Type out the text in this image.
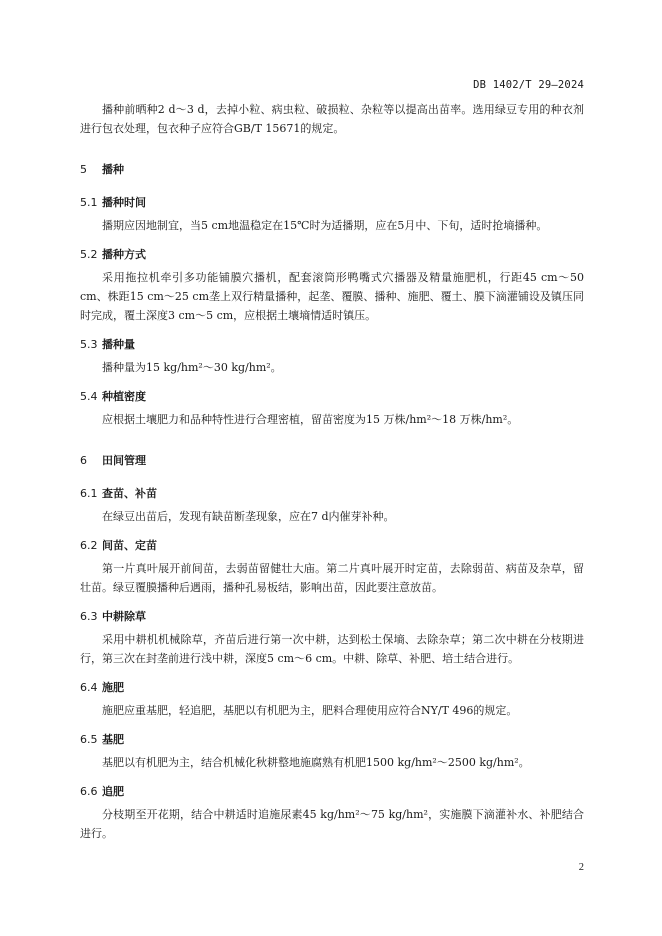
DB 1402/T 29—2024

播种前晒种2 d～3 d，去掉小粒、病虫粒、破损粒、杂粒等以提高出苗率。选用绿豆专用的种衣剂进行包衣处理，包衣种子应符合GB/T 15671的规定。

5 播种
5.1 播种时间

播期应因地制宜，当5 cm地温稳定在15℃时为适播期，应在5月中、下旬，适时抢墒播种。

5.2 播种方式

采用拖拉机牵引多功能铺膜穴播机，配套滚筒形鸭嘴式穴播器及精量施肥机，行距45 cm～50 cm、株距15 cm～25 cm垄上双行精量播种，起垄、覆膜、播种、施肥、覆土、膜下滴灌铺设及镇压同时完成，覆土深度3 cm～5 cm，应根据土壤墒情适时镇压。

5.3 播种量

播种量为15 kg/hm²～30 kg/hm²。

5.4 种植密度

应根据土壤肥力和品种特性进行合理密植，留苗密度为15 万株/hm²～18 万株/hm²。

6 田间管理
6.1 查苗、补苗

在绿豆出苗后，发现有缺苗断垄现象，应在7 d内催芽补种。

6.2 间苗、定苗

第一片真叶展开前间苗，去弱苗留健壮大庙。第二片真叶展开时定苗，去除弱苗、病苗及杂草，留壮苗。绿豆覆膜播种后遇雨，播种孔易板结，影响出苗，因此要注意放苗。

6.3 中耕除草

采用中耕机机械除草，齐苗后进行第一次中耕，达到松土保墒、去除杂草；第二次中耕在分枝期进行，第三次在封垄前进行浅中耕，深度5 cm～6 cm。中耕、除草、补肥、培土结合进行。

6.4 施肥

施肥应重基肥，轻追肥，基肥以有机肥为主，肥料合理使用应符合NY/T 496的规定。

6.5 基肥

基肥以有机肥为主，结合机械化秋耕整地施腐熟有机肥1500 kg/hm²～2500 kg/hm²。

6.6 追肥

分枝期至开花期，结合中耕适时追施尿素45 kg/hm²～75 kg/hm²，实施膜下滴灌补水、补肥结合进行。

2
